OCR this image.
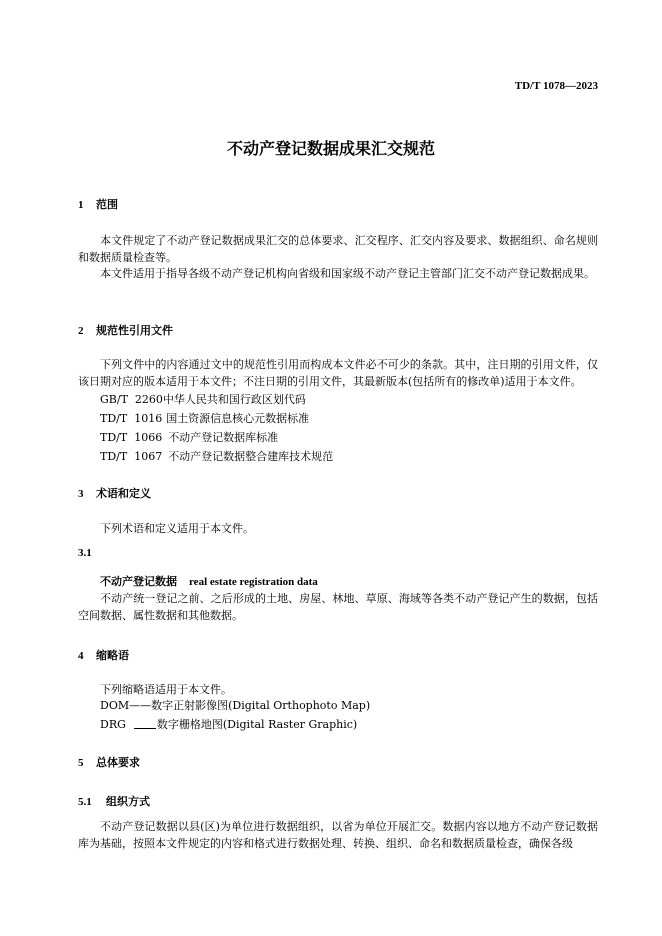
TD/T 1078—2023
不动产登记数据成果汇交规范
1 范围
本文件规定了不动产登记数据成果汇交的总体要求、汇交程序、汇交内容及要求、数据组织、命名规则和数据质量检查等。
本文件适用于指导各级不动产登记机构向省级和国家级不动产登记主管部门汇交不动产登记数据成果。
2 规范性引用文件
下列文件中的内容通过文中的规范性引用而构成本文件必不可少的条款。其中，注日期的引用文件，仅该日期对应的版本适用于本文件；不注日期的引用文件，其最新版本(包括所有的修改单)适用于本文件。
GB/T  2260中华人民共和国行政区划代码
TD/T  1016 国土资源信息核心元数据标准
TD/T  1066 不动产登记数据库标准
TD/T  1067 不动产登记数据整合建库技术规范
3 术语和定义
下列术语和定义适用于本文件。
3.1
不动产登记数据 real estate registration data
不动产统一登记之前、之后形成的土地、房屋、林地、草原、海域等各类不动产登记产生的数据，包括空间数据、属性数据和其他数据。
4 缩略语
下列缩略语适用于本文件。
DOM——数字正射影像图(Digital Orthophoto Map)
DRG	数字栅格地图(Digital Raster Graphic)
5 总体要求
5.1 组织方式
不动产登记数据以县(区)为单位进行数据组织，以省为单位开展汇交。数据内容以地方不动产登记数据库为基础，按照本文件规定的内容和格式进行数据处理、转换、组织、命名和数据质量检查，确保各级
